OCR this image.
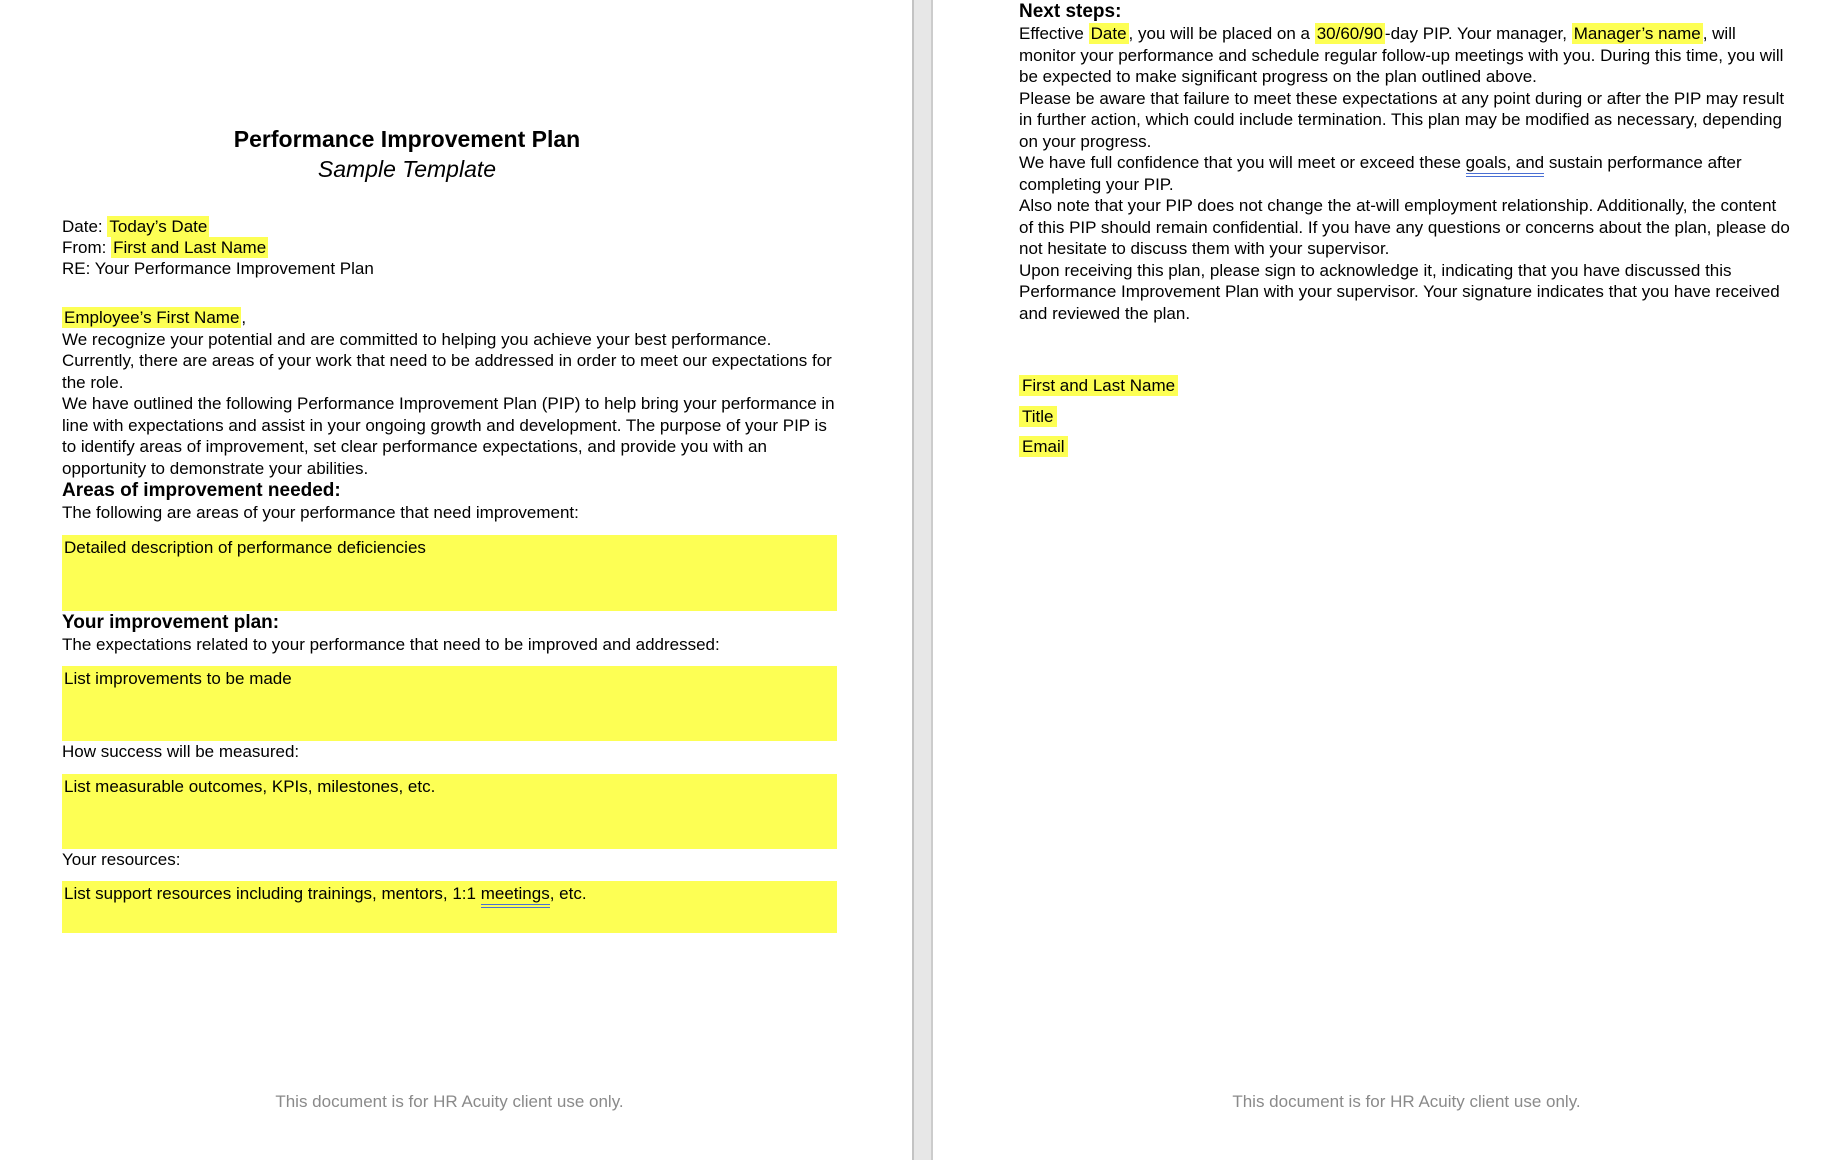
Performance Improvement Plan
Sample Template
Date: Today’s Date
From: First and Last Name
RE: Your Performance Improvement Plan
Employee’s First Name ,

We recognize your potential and are committed to helping you achieve your best performance. Currently, there are areas of your work that need to be addressed in order to meet our expectations for the role.

We have outlined the following Performance Improvement Plan (PIP) to help bring your performance in line with expectations and assist in your ongoing growth and development. The purpose of your PIP is to identify areas of improvement, set clear performance expectations, and provide you with an opportunity to demonstrate your abilities.

Areas of improvement needed:

The following are areas of your performance that need improvement:

Detailed description of performance deficiencies
Your improvement plan:

The expectations related to your performance that need to be improved and addressed:

List improvements to be made

How success will be measured:

List measurable outcomes, KPIs, milestones, etc.

Your resources:

List support resources including trainings, mentors, 1:1 meetings, etc.
This document is for HR Acuity client use only.
Next steps:

Effective Date , you will be placed on a 30/60/90 -day PIP. Your manager, Manager’s name , will monitor your performance and schedule regular follow-up meetings with you. During this time, you will be expected to make significant progress on the plan outlined above.

Please be aware that failure to meet these expectations at any point during or after the PIP may result in further action, which could include termination. This plan may be modified as necessary, depending on your progress.

We have full confidence that you will meet or exceed these goals, and sustain performance after completing your PIP.

Also note that your PIP does not change the at-will employment relationship. Additionally, the content of this PIP should remain confidential. If you have any questions or concerns about the plan, please do not hesitate to discuss them with your supervisor.

Upon receiving this plan, please sign to acknowledge it, indicating that you have discussed this Performance Improvement Plan with your supervisor. Your signature indicates that you have received and reviewed the plan.

First and Last Name

Title

Email

This document is for HR Acuity client use only.
